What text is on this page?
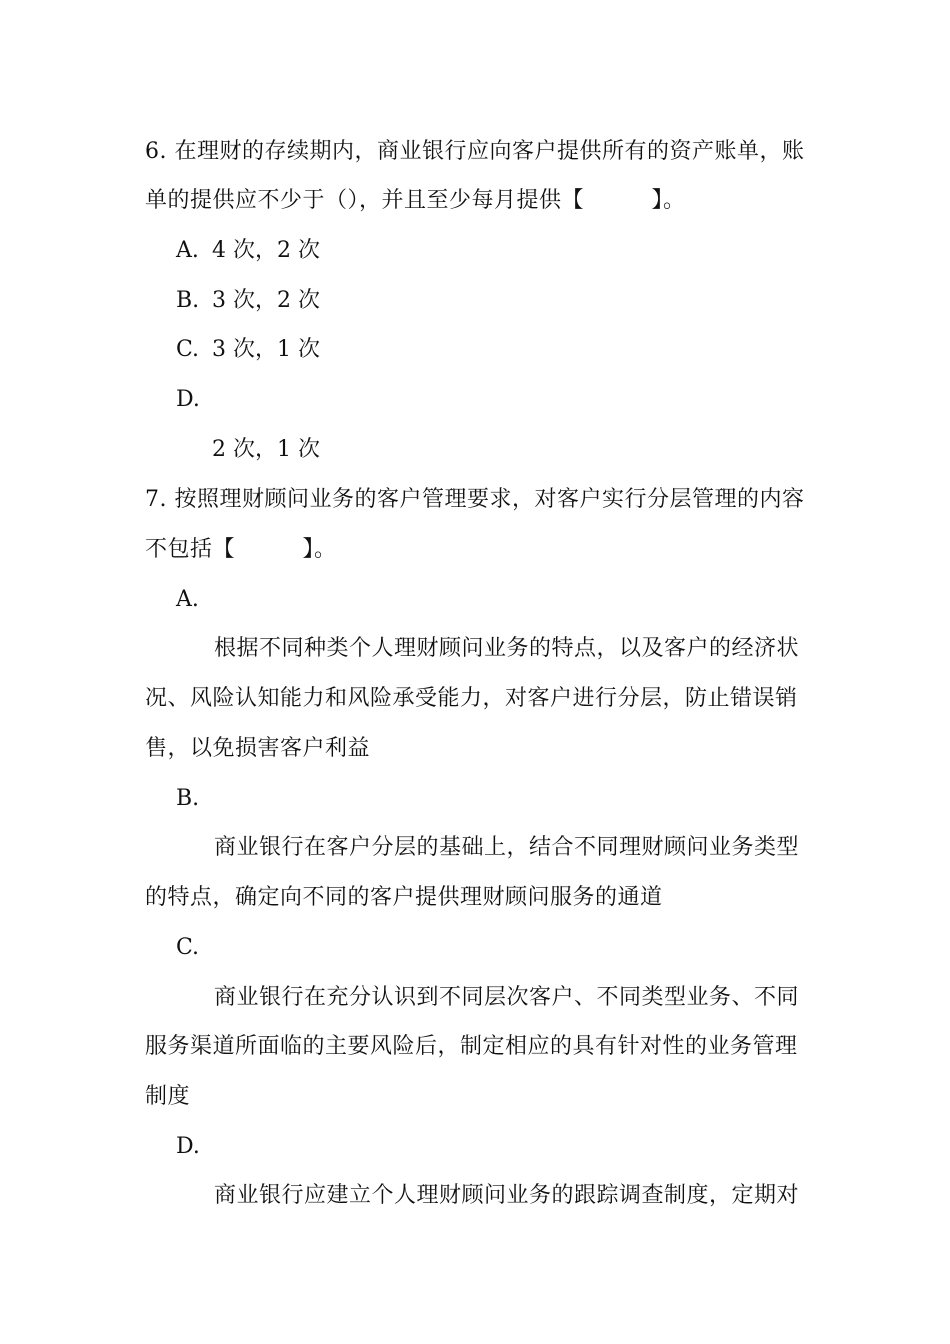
6. 在理财的存续期内，商业银行应向客户提供所有的资产账单，账
单的提供应不少于（），并且至少每月提供【　　　】。
A. 4 次，2 次
B. 3 次，2 次
C. 3 次，1 次
D.
2 次，1 次
7. 按照理财顾问业务的客户管理要求，对客户实行分层管理的内容
不包括【　　　】。
A.
根据不同种类个人理财顾问业务的特点，以及客户的经济状
况、风险认知能力和风险承受能力，对客户进行分层，防止错误销
售，以免损害客户利益
B.
商业银行在客户分层的基础上，结合不同理财顾问业务类型
的特点，确定向不同的客户提供理财顾问服务的通道
C.
商业银行在充分认识到不同层次客户、不同类型业务、不同
服务渠道所面临的主要风险后，制定相应的具有针对性的业务管理
制度
D.
商业银行应建立个人理财顾问业务的跟踪调查制度，定期对
